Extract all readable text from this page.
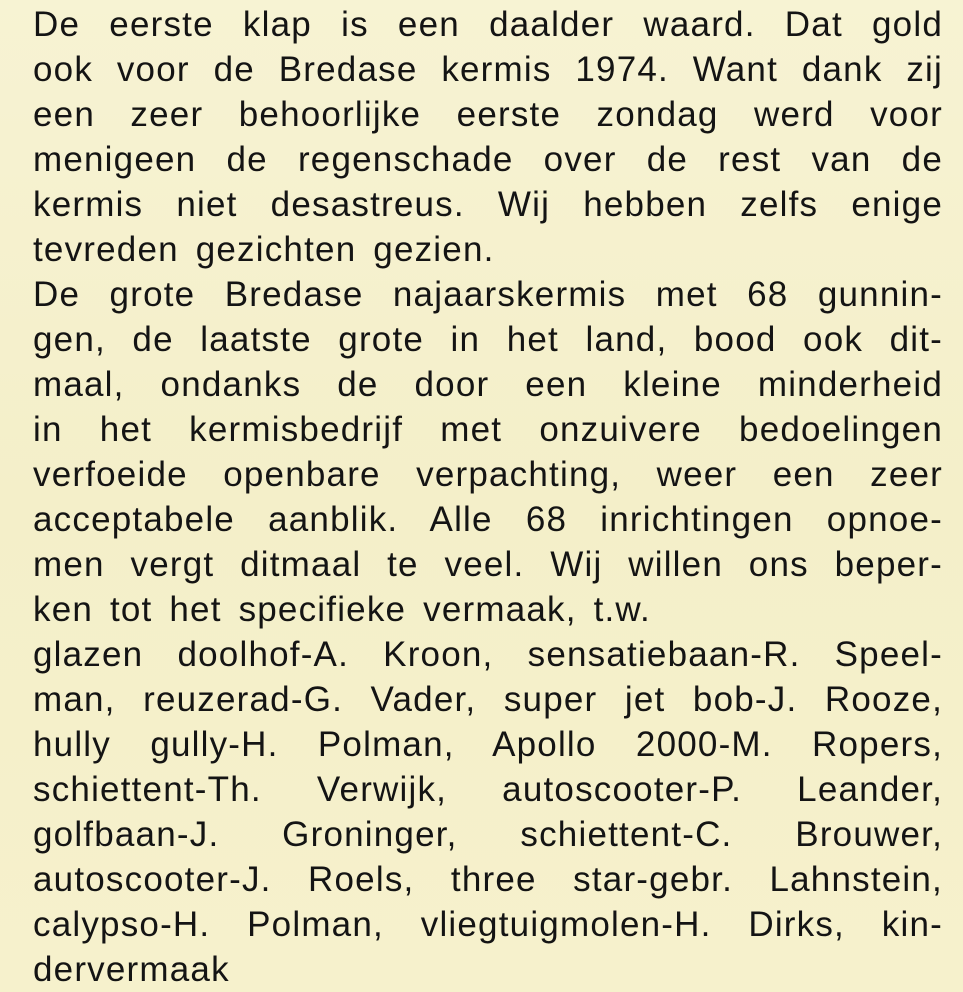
De eerste klap is een daalder waard. Dat gold
ook voor de Bredase kermis 1974. Want dank zij
een zeer behoorlijke eerste zondag werd voor
menigeen de regenschade over de rest van de
kermis niet desastreus. Wij hebben zelfs enige
tevreden gezichten gezien.
De grote Bredase najaarskermis met 68 gunnin-
gen, de laatste grote in het land, bood ook dit-
maal, ondanks de door een kleine minderheid
in het kermisbedrijf met onzuivere bedoelingen
verfoeide openbare verpachting, weer een zeer
acceptabele aanblik. Alle 68 inrichtingen opnoe-
men vergt ditmaal te veel. Wij willen ons beper-
ken tot het specifieke vermaak, t.w.
glazen doolhof-A. Kroon, sensatiebaan-R. Speel-
man, reuzerad-G. Vader, super jet bob-J. Rooze,
hully gully-H. Polman, Apollo 2000-M. Ropers,
schiettent-Th. Verwijk, autoscooter-P. Leander,
golfbaan-J. Groninger, schiettent-C. Brouwer,
autoscooter-J. Roels, three star-gebr. Lahnstein,
calypso-H. Polman, vliegtuigmolen-H. Dirks, kin-
dervermaak
